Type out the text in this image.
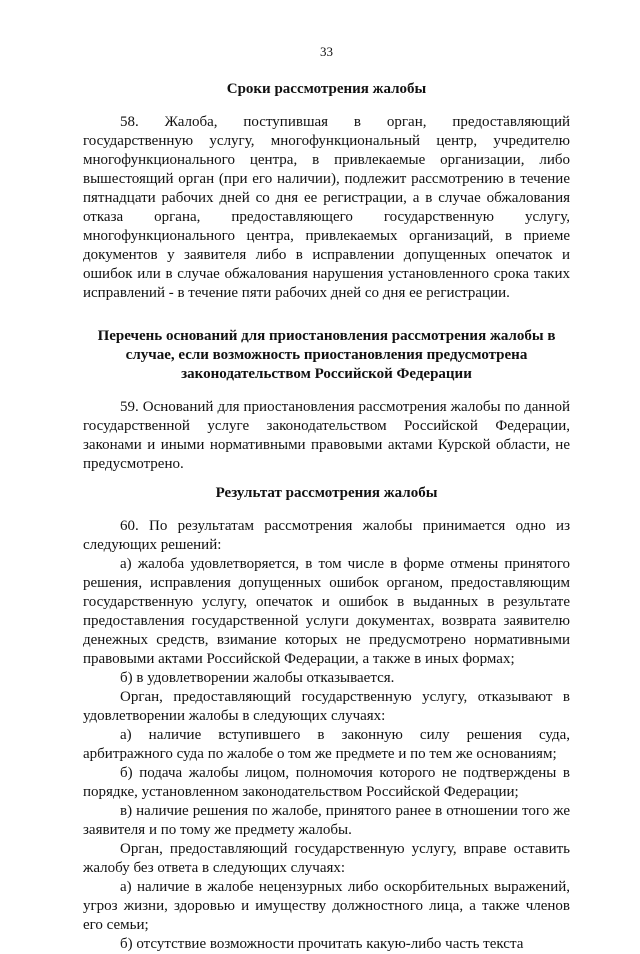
33
Сроки рассмотрения жалобы
58. Жалоба, поступившая в орган, предоставляющий государственную услугу, многофункциональный центр, учредителю многофункционального центра, в привлекаемые организации, либо вышестоящий орган (при его наличии), подлежит рассмотрению в течение пятнадцати рабочих дней со дня ее регистрации, а в случае обжалования отказа органа, предоставляющего государственную услугу, многофункционального центра, привлекаемых организаций, в приеме документов у заявителя либо в исправлении допущенных опечаток и ошибок или в случае обжалования нарушения установленного срока таких исправлений - в течение пяти рабочих дней со дня ее регистрации.
Перечень оснований для приостановления рассмотрения жалобы в случае, если возможность приостановления предусмотрена законодательством Российской Федерации
59. Оснований для приостановления рассмотрения жалобы по данной государственной услуге законодательством Российской Федерации, законами и иными нормативными правовыми актами Курской области, не предусмотрено.
Результат рассмотрения жалобы
60. По результатам рассмотрения жалобы принимается одно из следующих решений:
а) жалоба удовлетворяется, в том числе в форме отмены принятого решения, исправления допущенных ошибок органом, предоставляющим государственную услугу, опечаток и ошибок в выданных в результате предоставления государственной услуги документах, возврата заявителю денежных средств, взимание которых не предусмотрено нормативными правовыми актами Российской Федерации, а также в иных формах;
б) в удовлетворении жалобы отказывается.
Орган, предоставляющий государственную услугу, отказывают в удовлетворении жалобы в следующих случаях:
а) наличие вступившего в законную силу решения суда, арбитражного суда по жалобе о том же предмете и по тем же основаниям;
б) подача жалобы лицом, полномочия которого не подтверждены в порядке, установленном законодательством Российской Федерации;
в) наличие решения по жалобе, принятого ранее в отношении того же заявителя и по тому же предмету жалобы.
Орган, предоставляющий государственную услугу, вправе оставить жалобу без ответа в следующих случаях:
а) наличие в жалобе нецензурных либо оскорбительных выражений, угроз жизни, здоровью и имуществу должностного лица, а также членов его семьи;
б) отсутствие возможности прочитать какую-либо часть текста
